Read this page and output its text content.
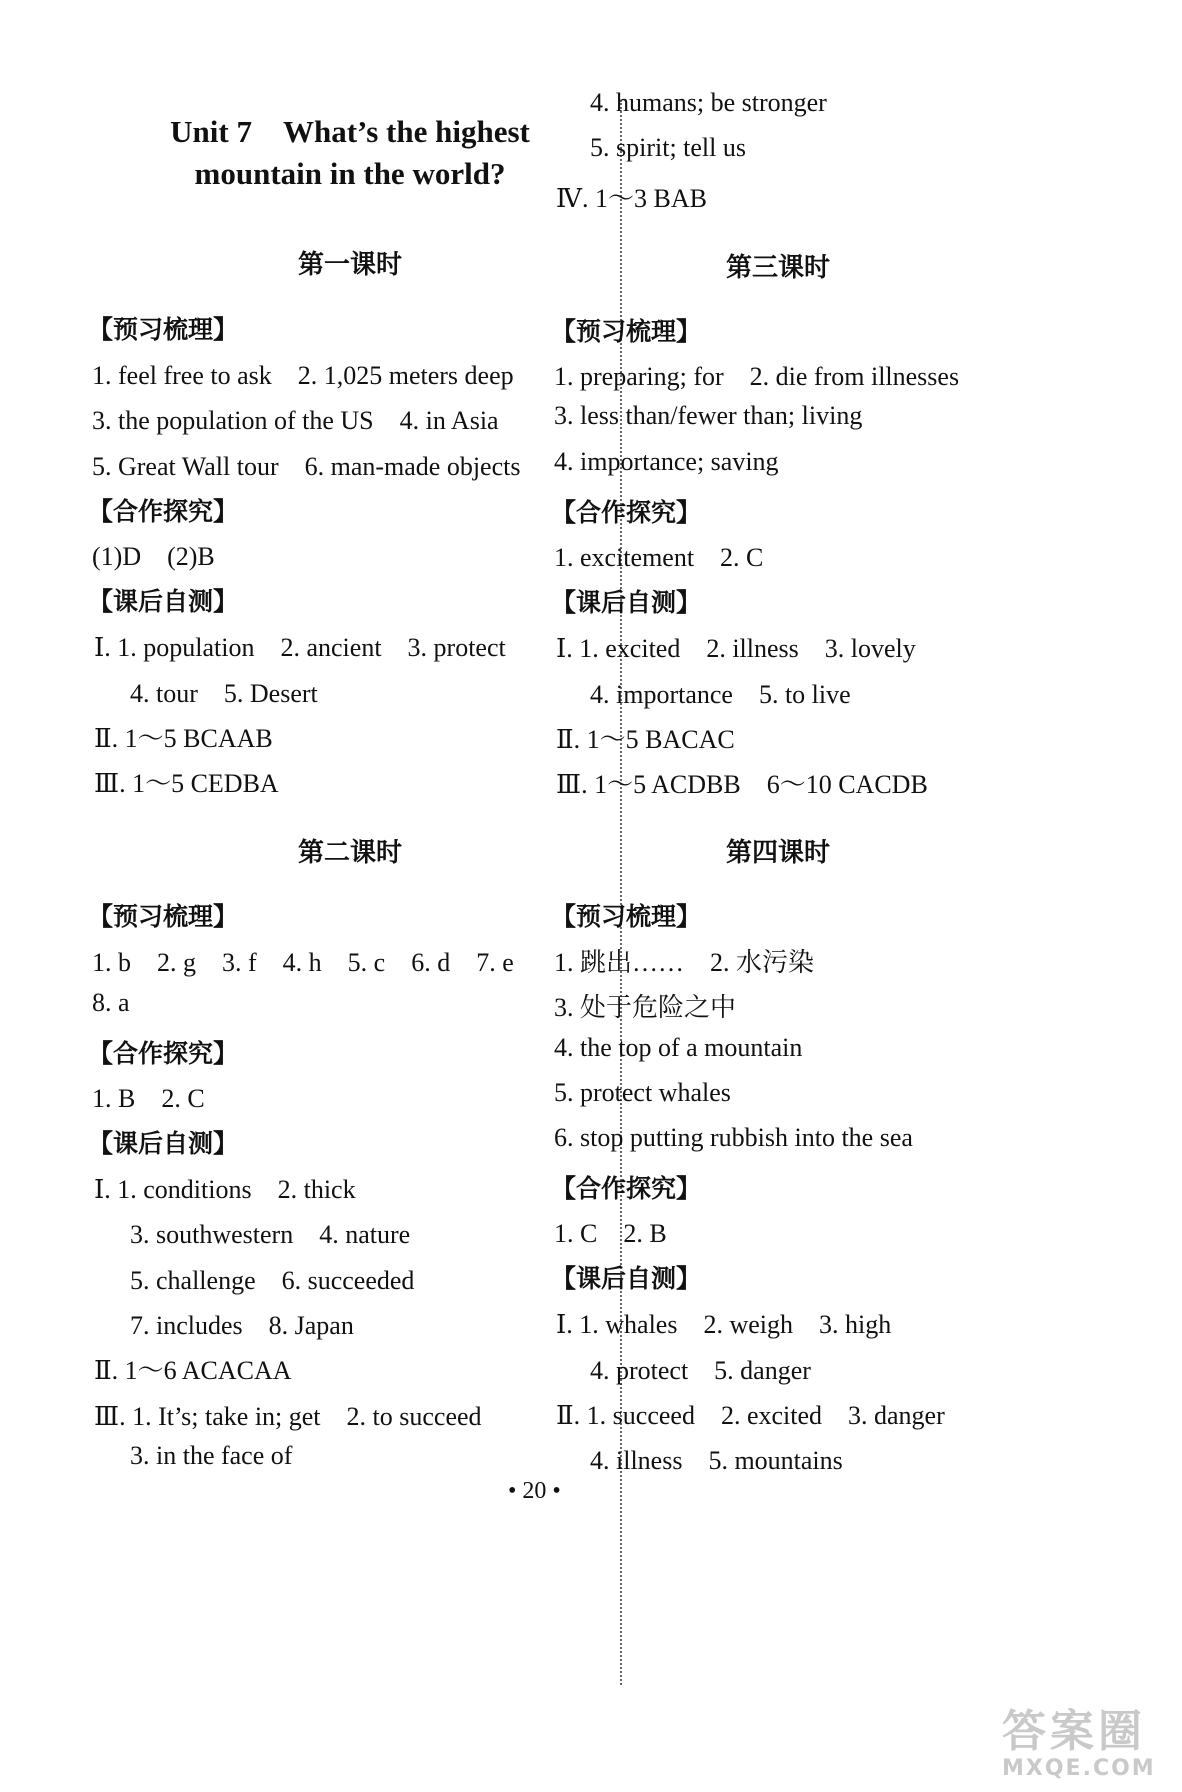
Unit 7　What’s the highest
mountain in the world?
第一课时
【预习梳理】
1. feel free to ask　2. 1,025 meters deep
3. the population of the US　4. in Asia
5. Great Wall tour　6. man-made objects
【合作探究】
(1)D　(2)B
【课后自测】
Ⅰ. 1. population　2. ancient　3. protect
4. tour　5. Desert
Ⅱ. 1～5 BCAAB
Ⅲ. 1～5 CEDBA
第二课时
【预习梳理】
1. b　2. g　3. f　4. h　5. c　6. d　7. e
8. a
【合作探究】
1. B　2. C
【课后自测】
Ⅰ. 1. conditions　2. thick
3. southwestern　4. nature
5. challenge　6. succeeded
7. includes　8. Japan
Ⅱ. 1～6 ACACAA
Ⅲ. 1. It’s; take in; get　2. to succeed
3. in the face of
4. humans; be stronger
5. spirit; tell us
Ⅳ. 1～3 BAB
第三课时
【预习梳理】
1. preparing; for　2. die from illnesses
3. less than/fewer than; living
4. importance; saving
【合作探究】
1. excitement　2. C
【课后自测】
Ⅰ. 1. excited　2. illness　3. lovely
4. importance　5. to live
Ⅱ. 1～5 BACAC
Ⅲ. 1～5 ACDBB　6～10 CACDB
第四课时
【预习梳理】
1. 跳出……　2. 水污染
3. 处于危险之中
4. the top of a mountain
5. protect whales
6. stop putting rubbish into the sea
【合作探究】
1. C　2. B
【课后自测】
Ⅰ. 1. whales　2. weigh　3. high
4. protect　5. danger
Ⅱ. 1. succeed　2. excited　3. danger
4. illness　5. mountains
• 20 •
答案圈
MXQE.COM
